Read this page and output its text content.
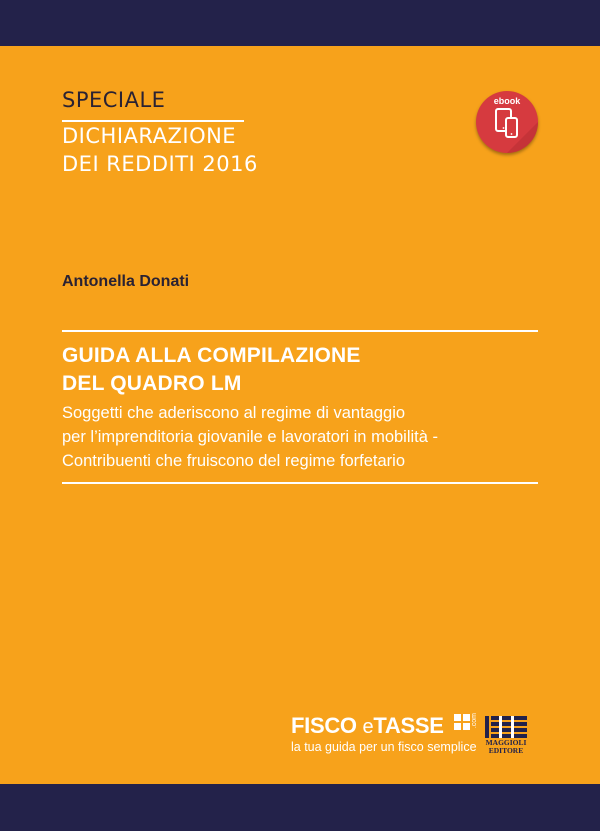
SPECIALE
DICHIARAZIONE
DEI REDDITI 2016
ebook
Antonella Donati
GUIDA ALLA COMPILAZIONE
DEL QUADRO LM
Soggetti che aderiscono al regime di vantaggio
per l’imprenditoria giovanile e lavoratori in mobilità -
Contribuenti che fruiscono del regime forfetario
FISCO eTASSE	.com
la tua guida per un fisco semplice	MAGGIOLI
EDITORE
